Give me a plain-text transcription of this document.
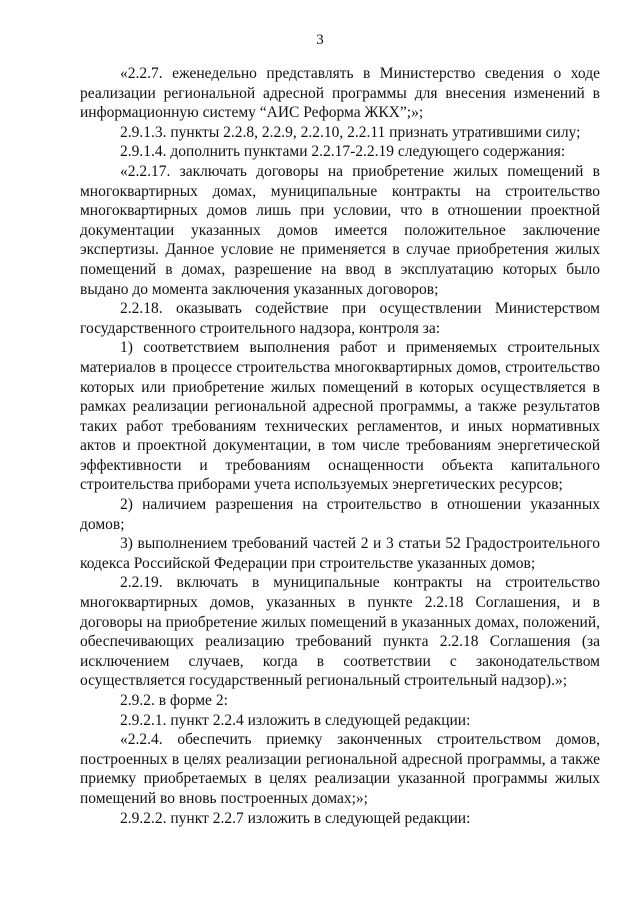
3

«2.2.7. еженедельно представлять в Министерство сведения о ходе реализации региональной адресной программы для внесения изменений в информационную систему “АИС Реформа ЖКХ”;»;

2.9.1.3. пункты 2.2.8, 2.2.9, 2.2.10, 2.2.11 признать утратившими силу;

2.9.1.4. дополнить пунктами 2.2.17-2.2.19 следующего содержания:

«2.2.17. заключать договоры на приобретение жилых помещений в многоквартирных домах, муниципальные контракты на строительство многоквартирных домов лишь при условии, что в отношении проектной документации указанных домов имеется положительное заключение экспертизы. Данное условие не применяется в случае приобретения жилых помещений в домах, разрешение на ввод в эксплуатацию которых было выдано до момента заключения указанных договоров;

2.2.18. оказывать содействие при осуществлении Министерством государственного строительного надзора, контроля за:

1) соответствием выполнения работ и применяемых строительных материалов в процессе строительства многоквартирных домов, строительство которых или приобретение жилых помещений в которых осуществляется в рамках реализации региональной адресной программы, а также результатов таких работ требованиям технических регламентов, и иных нормативных актов и проектной документации, в том числе требованиям энергетической эффективности и требованиям оснащенности объекта капитального строительства приборами учета используемых энергетических ресурсов;

2) наличием разрешения на строительство в отношении указанных домов;

3) выполнением требований частей 2 и 3 статьи 52 Градостроительного кодекса Российской Федерации при строительстве указанных домов;

2.2.19. включать в муниципальные контракты на строительство многоквартирных домов, указанных в пункте 2.2.18 Соглашения, и в договоры на приобретение жилых помещений в указанных домах, положений, обеспечивающих реализацию требований пункта 2.2.18 Соглашения (за исключением случаев, когда в соответствии с законодательством осуществляется государственный региональный строительный надзор).»;

2.9.2. в форме 2:

2.9.2.1. пункт 2.2.4 изложить в следующей редакции:

«2.2.4. обеспечить приемку законченных строительством домов, построенных в целях реализации региональной адресной программы, а также приемку приобретаемых в целях реализации указанной программы жилых помещений во вновь построенных домах;»;

2.9.2.2. пункт 2.2.7 изложить в следующей редакции:
